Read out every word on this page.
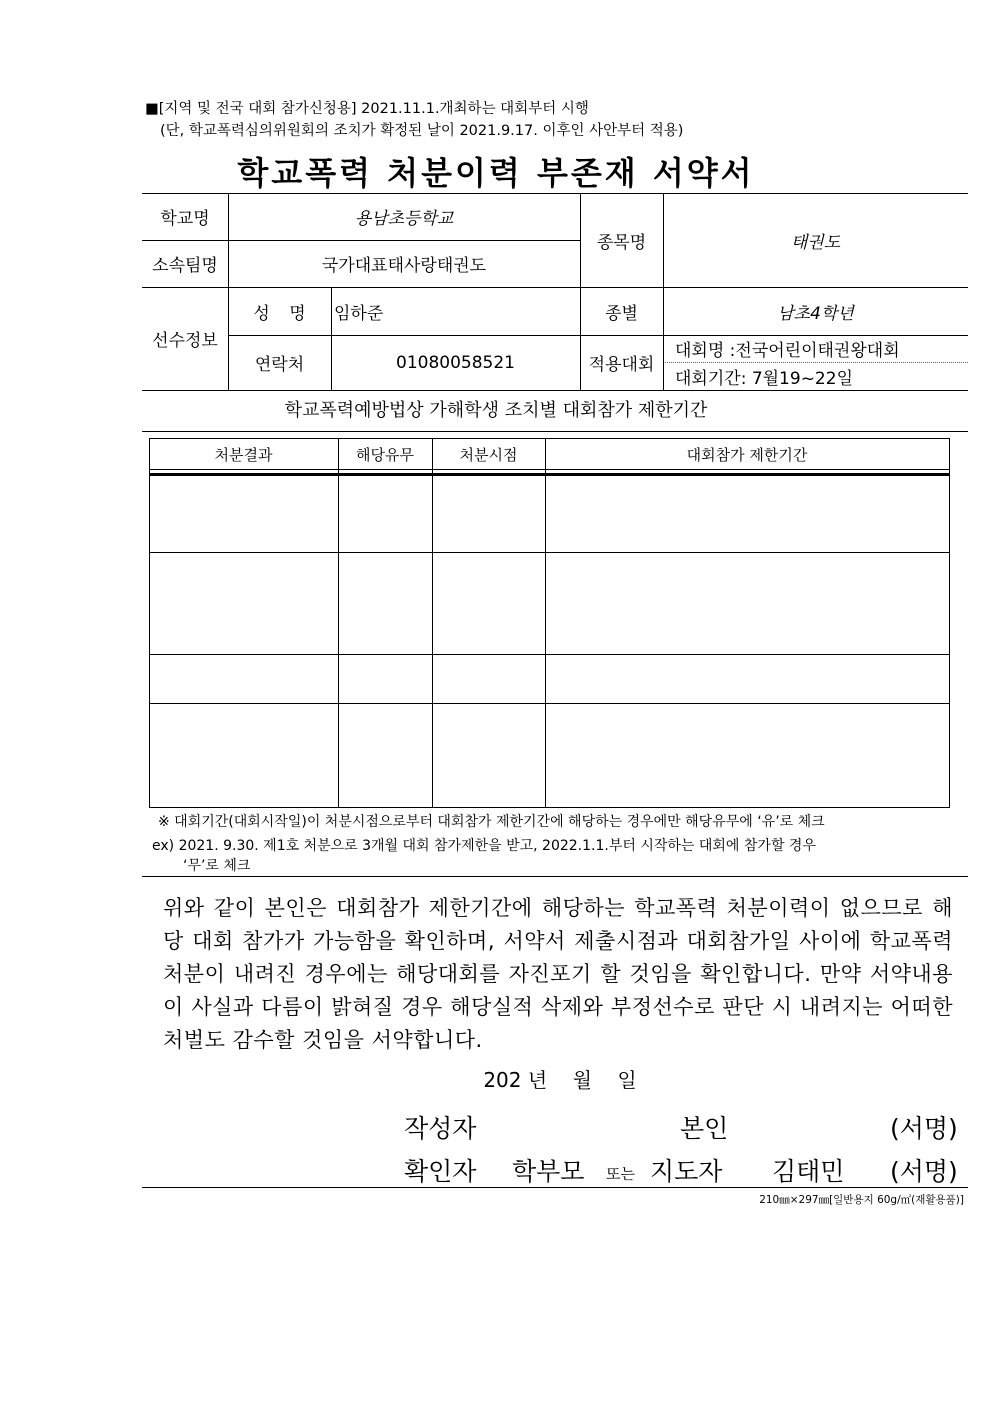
■[지역 및 전국 대회 참가신청용] 2021.11.1.개최하는 대회부터 시행
(단, 학교폭력심의위원회의 조치가 확정된 날이 2021.9.17. 이후인 사안부터 적용)
학교폭력 처분이력 부존재 서약서
학교명	용남초등학교
소속팀명	국가대표태사랑태권도
종목명	태권도
선수정보
성 명	임하준	종별	남초4학년
연락처	01080058521	적용대회
대회명 :전국어린이태권왕대회
대회기간: 7월19~22일
학교폭력예방법상 가해학생 조치별 대회참가 제한기간
처분결과	해당유무	처분시점	대회참가 제한기간
※ 대회기간(대회시작일)이 처분시점으로부터 대회참가 제한기간에 해당하는 경우에만 해당유무에 ‘유’로 체크
ex) 2021. 9.30. 제1호 처분으로 3개월 대회 참가제한을 받고, 2022.1.1.부터 시작하는 대회에 참가할 경우
‘무’로 체크
위와 같이 본인은 대회참가 제한기간에 해당하는 학교폭력 처분이력이 없으므로 해당 대회 참가가 가능함을 확인하며, 서약서 제출시점과 대회참가일 사이에 학교폭력 처분이 내려진 경우에는 해당대회를 자진포기 할 것임을 확인합니다. 만약 서약내용이 사실과 다름이 밝혀질 경우 해당실적 삭제와 부정선수로 판단 시 내려지는 어떠한 처벌도 감수할 것임을 서약합니다.
202 년    월    일
작성자	본인	(서명)
확인자 학부모 또는 지도자 김태민 (서명)
210㎜×297㎜[일반용지 60g/㎡(재활용품)]
